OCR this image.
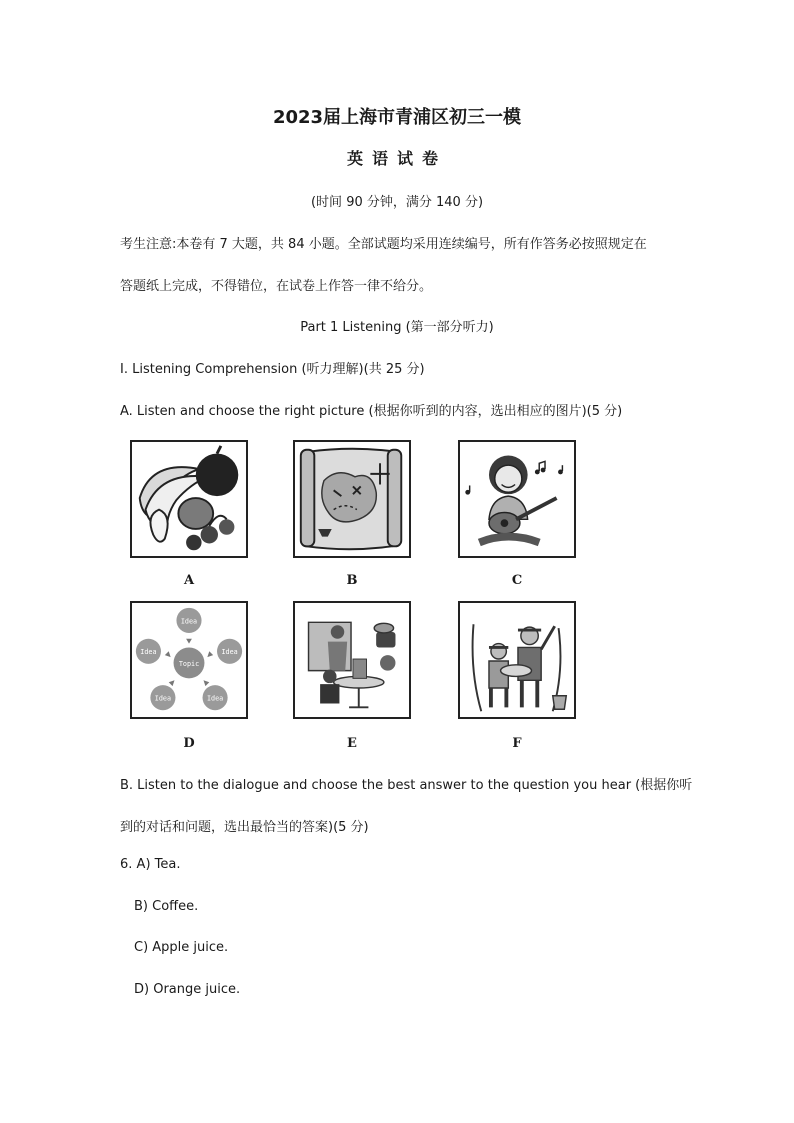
2023届上海市青浦区初三一模
英语试卷
(时间 90 分钟，满分 140 分)
考生注意:本卷有 7 大题，共 84 小题。全部试题均采用连续编号，所有作答务必按照规定在
答题纸上完成，不得错位，在试卷上作答一律不给分。
Part 1 Listening (第一部分听力)
I. Listening Comprehension (听力理解)(共 25 分)
A. Listen and choose the right picture (根据你听到的内容，选出相应的图片)(5 分)
A	B	C
Topic
Idea
Idea	Idea
Idea	Idea
D	E	F
B. Listen to the dialogue and choose the best answer to the question you hear (根据你听
到的对话和问题，选出最恰当的答案)(5 分)
6. A) Tea.
B) Coffee.
C) Apple juice.
D) Orange juice.
